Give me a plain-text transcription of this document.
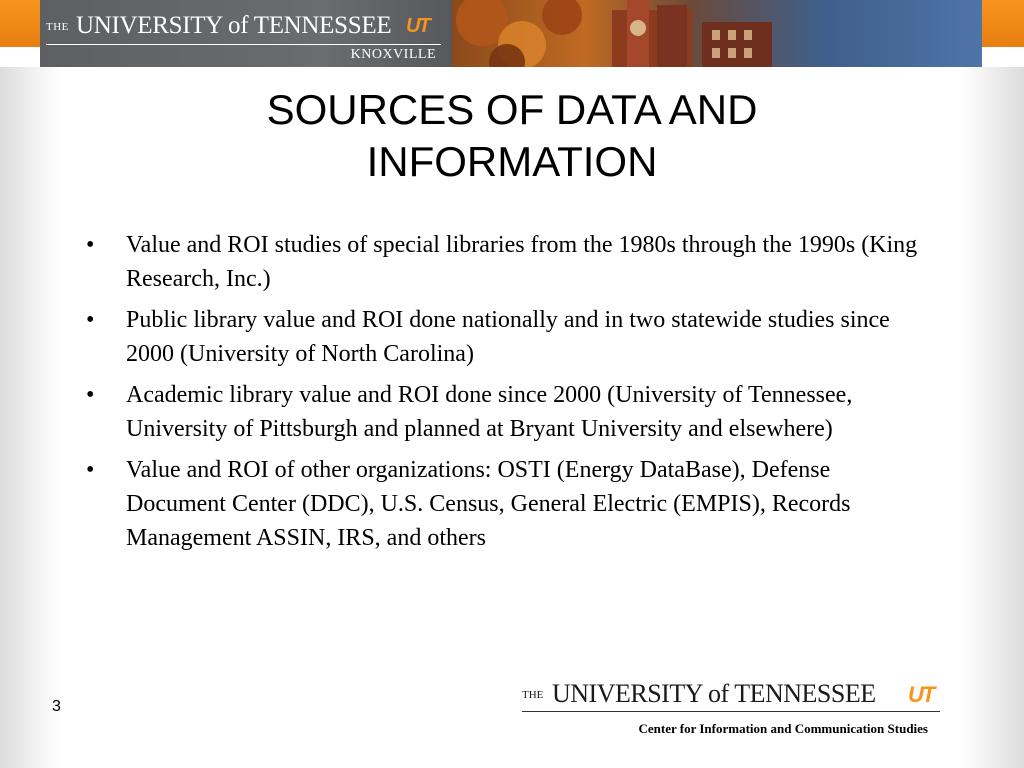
THE UNIVERSITY of TENNESSEE UT
KNOXVILLE
SOURCES OF DATA AND
INFORMATION
• Value and ROI studies of special libraries from the 1980s through the 1990s (King Research, Inc.)
• Public library value and ROI done nationally and in two statewide studies since 2000 (University of North Carolina)
• Academic library value and ROI done since 2000 (University of Tennessee, University of Pittsburgh and planned at Bryant University and elsewhere)
• Value and ROI of other organizations: OSTI (Energy DataBase), Defense Document Center (DDC), U.S. Census, General Electric (EMPIS), Records Management ASSIN, IRS, and others
3
THE UNIVERSITY of TENNESSEE UT
Center for Information and Communication Studies
